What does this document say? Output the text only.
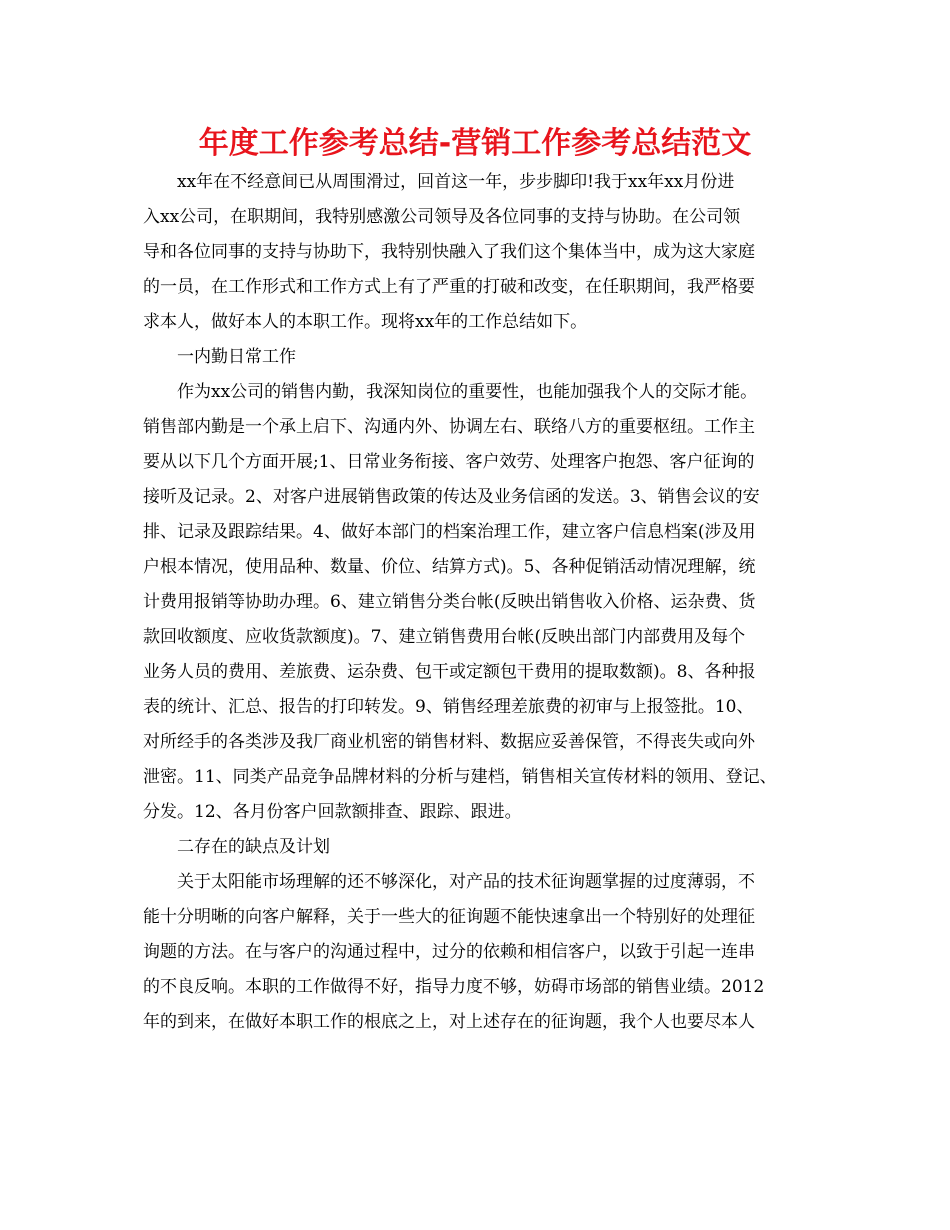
年度工作参考总结-营销工作参考总结范文

　　xx年在不经意间已从周围滑过，回首这一年，步步脚印!我于xx年xx月份进

入xx公司，在职期间，我特别感激公司领导及各位同事的支持与协助。在公司领

导和各位同事的支持与协助下，我特别快融入了我们这个集体当中，成为这大家庭

的一员，在工作形式和工作方式上有了严重的打破和改变，在任职期间，我严格要

求本人，做好本人的本职工作。现将xx年的工作总结如下。

　　一内勤日常工作

　　作为xx公司的销售内勤，我深知岗位的重要性，也能加强我个人的交际才能。

销售部内勤是一个承上启下、沟通内外、协调左右、联络八方的重要枢纽。工作主

要从以下几个方面开展;1、日常业务衔接、客户效劳、处理客户抱怨、客户征询的

接听及记录。2、对客户进展销售政策的传达及业务信函的发送。3、销售会议的安

排、记录及跟踪结果。4、做好本部门的档案治理工作，建立客户信息档案(涉及用

户根本情况，使用品种、数量、价位、结算方式)。5、各种促销活动情况理解，统

计费用报销等协助办理。6、建立销售分类台帐(反映出销售收入价格、运杂费、货

款回收额度、应收货款额度)。7、建立销售费用台帐(反映出部门内部费用及每个

业务人员的费用、差旅费、运杂费、包干或定额包干费用的提取数额)。8、各种报

表的统计、汇总、报告的打印转发。9、销售经理差旅费的初审与上报签批。10、

对所经手的各类涉及我厂商业机密的销售材料、数据应妥善保管，不得丧失或向外

泄密。11、同类产品竞争品牌材料的分析与建档，销售相关宣传材料的领用、登记、

分发。12、各月份客户回款额排查、跟踪、跟进。

　　二存在的缺点及计划

　　关于太阳能市场理解的还不够深化，对产品的技术征询题掌握的过度薄弱，不

能十分明晰的向客户解释，关于一些大的征询题不能快速拿出一个特别好的处理征

询题的方法。在与客户的沟通过程中，过分的依赖和相信客户，以致于引起一连串

的不良反响。本职的工作做得不好，指导力度不够，妨碍市场部的销售业绩。2012

年的到来，在做好本职工作的根底之上，对上述存在的征询题，我个人也要尽本人
